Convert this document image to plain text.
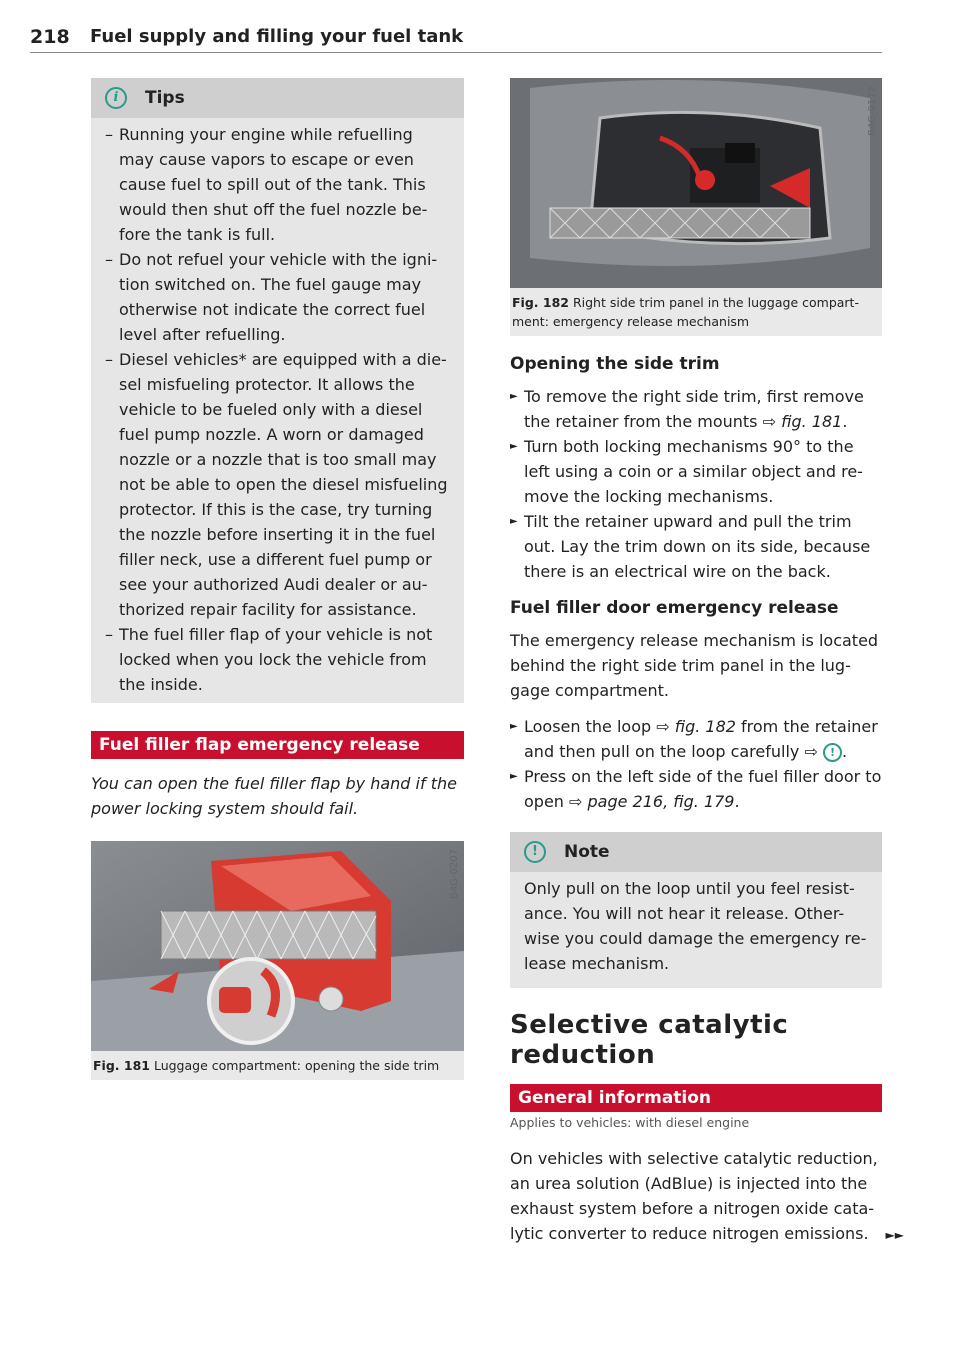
218 Fuel supply and filling your fuel tank
i	Tips
– Running your engine while refuelling may cause vapors to escape or even cause fuel to spill out of the tank. This would then shut off the fuel nozzle be- fore the tank is full.
– Do not refuel your vehicle with the igni- tion switched on. The fuel gauge may otherwise not indicate the correct fuel level after refuelling.
– Diesel vehicles* are equipped with a die- sel misfueling protector. It allows the vehicle to be fueled only with a diesel fuel pump nozzle. A worn or damaged nozzle or a nozzle that is too small may not be able to open the diesel misfueling protector. If this is the case, try turning the nozzle before inserting it in the fuel filler neck, use a different fuel pump or see your authorized Audi dealer or au- thorized repair facility for assistance.
– The fuel filler flap of your vehicle is not locked when you lock the vehicle from the inside.
Fuel filler flap emergency release

You can open the fuel filler flap by hand if the power locking system should fail.

B4G-0207
Fig. 181 Luggage compartment: opening the side trim
B4G-0172
Fig. 182 Right side trim panel in the luggage compart- ment: emergency release mechanism
Opening the side trim
► To remove the right side trim, first remove the retainer from the mounts ⇨ fig. 181.
► Turn both locking mechanisms 90° to the left using a coin or a similar object and re- move the locking mechanisms.
► Tilt the retainer upward and pull the trim out. Lay the trim down on its side, because there is an electrical wire on the back.
Fuel filler door emergency release

The emergency release mechanism is located behind the right side trim panel in the lug- gage compartment.

► Loosen the loop ⇨ fig. 182 from the retainer and then pull on the loop carefully ⇨ ! .
► Press on the left side of the fuel filler door to open ⇨ page 216, fig. 179.
!	Note

Only pull on the loop until you feel resist- ance. You will not hear it release. Other- wise you could damage the emergency re- lease mechanism.

Selective catalytic reduction
General information
Applies to vehicles: with diesel engine

On vehicles with selective catalytic reduction, an urea solution (AdBlue) is injected into the exhaust system before a nitrogen oxide cata- lytic converter to reduce nitrogen emissions.	►►
